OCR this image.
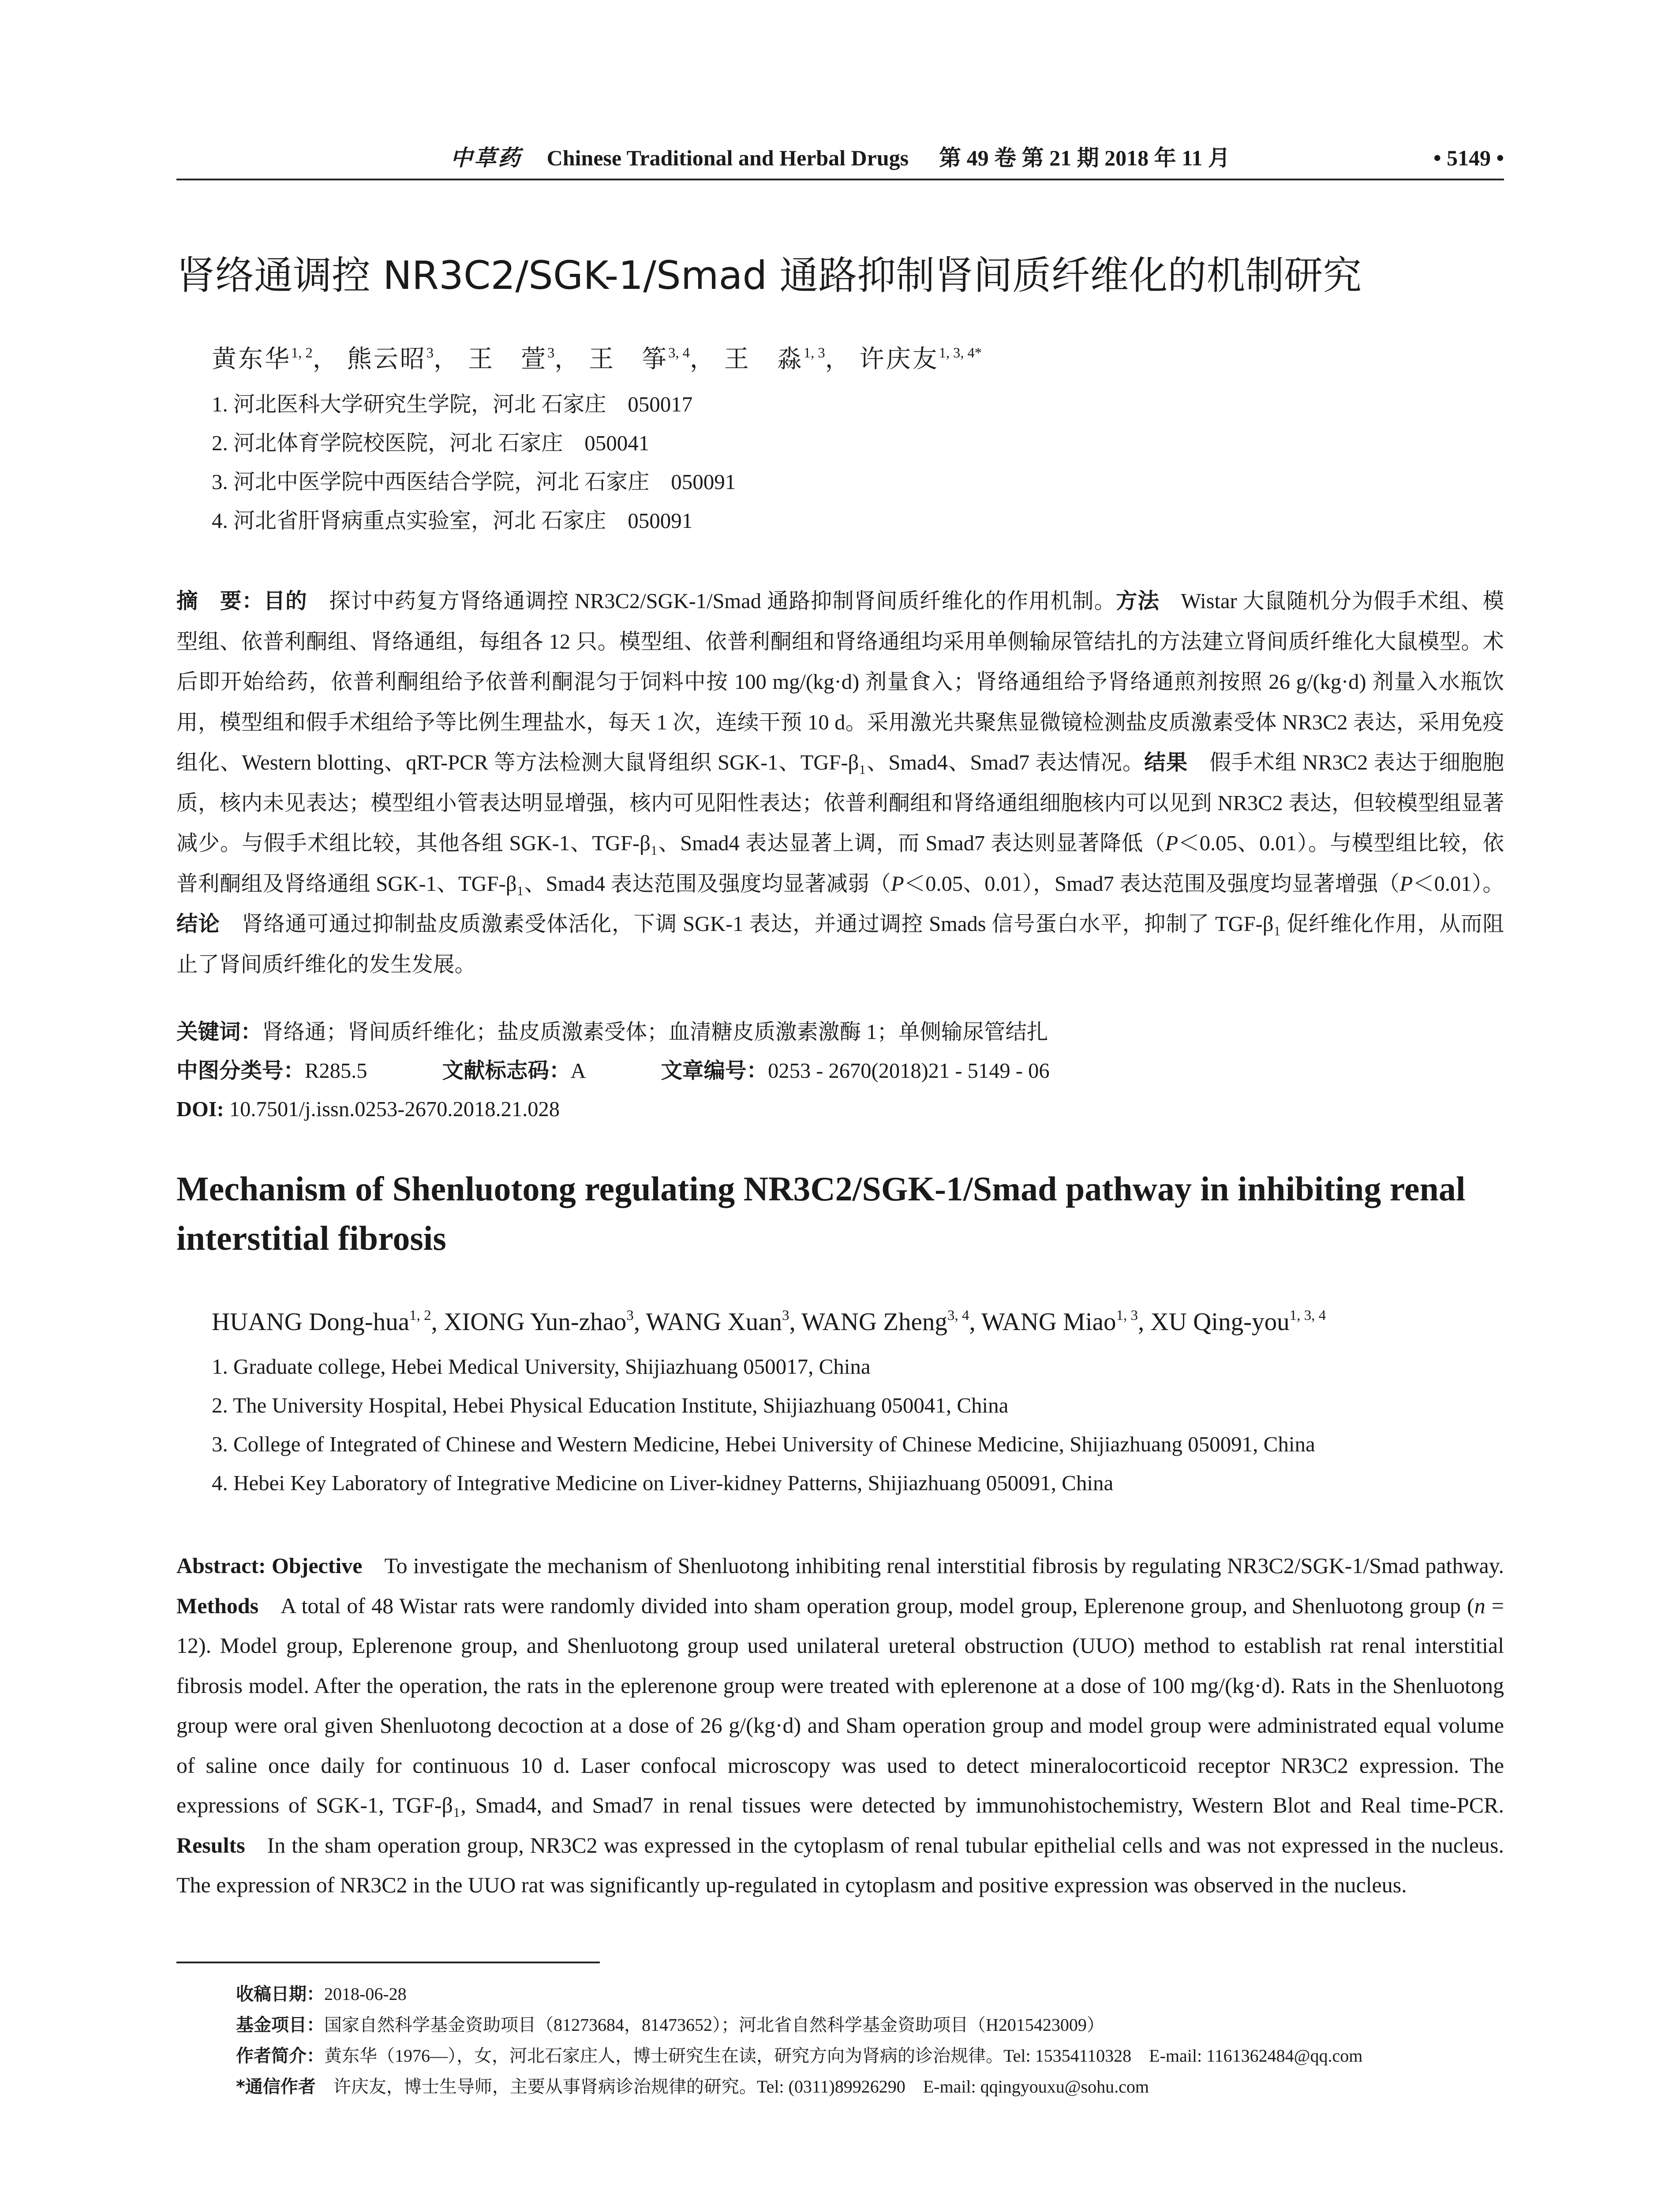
中草药 Chinese Traditional and Herbal Drugs 第 49 卷 第 21 期 2018 年 11 月	• 5149 •
肾络通调控 NR3C2/SGK-1/Smad 通路抑制肾间质纤维化的机制研究
黄东华$^{1, 2}$， 熊云昭$^3$， 王　萱$^3$， 王　筝$^{3, 4}$， 王　淼$^{1, 3}$， 许庆友$^{1, 3, 4*}$
1. 河北医科大学研究生学院，河北 石家庄　050017
2. 河北体育学院校医院，河北 石家庄　050041
3. 河北中医学院中西医结合学院，河北 石家庄　050091
4. 河北省肝肾病重点实验室，河北 石家庄　050091
摘　要：目的  探讨中药复方肾络通调控 NR3C2/SGK-1/Smad 通路抑制肾间质纤维化的作用机制。方法  Wistar 大鼠随机分为假手术组、模型组、依普利酮组、肾络通组，每组各 12 只。模型组、依普利酮组和肾络通组均采用单侧输尿管结扎的方法建立肾间质纤维化大鼠模型。术后即开始给药，依普利酮组给予依普利酮混匀于饲料中按 100 mg/(kg·d) 剂量食入；肾络通组给予肾络通煎剂按照 26 g/(kg·d) 剂量入水瓶饮用，模型组和假手术组给予等比例生理盐水，每天 1 次，连续干预 10 d。采用激光共聚焦显微镜检测盐皮质激素受体 NR3C2 表达，采用免疫组化、Western blotting、qRT-PCR 等方法检测大鼠肾组织 SGK-1、TGF-β₁、Smad4、Smad7 表达情况。结果  假手术组 NR3C2 表达于细胞胞质，核内未见表达；模型组小管表达明显增强，核内可见阳性表达；依普利酮组和肾络通组细胞核内可以见到 NR3C2 表达，但较模型组显著减少。与假手术组比较，其他各组 SGK-1、TGF-β₁、Smad4 表达显著上调，而 Smad7 表达则显著降低（P＜0.05、0.01）。与模型组比较，依普利酮组及肾络通组 SGK-1、TGF-β₁、Smad4 表达范围及强度均显著减弱（P＜0.05、0.01），Smad7 表达范围及强度均显著增强（P＜0.01）。结论  肾络通可通过抑制盐皮质激素受体活化，下调 SGK-1 表达，并通过调控 Smads 信号蛋白水平，抑制了 TGF-β₁ 促纤维化作用，从而阻止了肾间质纤维化的发生发展。
关键词：肾络通；肾间质纤维化；盐皮质激素受体；血清糖皮质激素激酶 1；单侧输尿管结扎
中图分类号：R285.5	文献标志码：A	文章编号：0253 - 2670(2018)21 - 5149 - 06
DOI: 10.7501/j.issn.0253-2670.2018.21.028
Mechanism of Shenluotong regulating NR3C2/SGK-1/Smad pathway in inhibiting renal interstitial fibrosis
HUANG Dong-hua$^{1, 2}$, XIONG Yun-zhao$^3$, WANG Xuan$^3$, WANG Zheng$^{3, 4}$, WANG Miao$^{1, 3}$, XU Qing-you$^{1, 3, 4}$
1. Graduate college, Hebei Medical University, Shijiazhuang 050017, China
2. The University Hospital, Hebei Physical Education Institute, Shijiazhuang 050041, China
3. College of Integrated of Chinese and Western Medicine, Hebei University of Chinese Medicine, Shijiazhuang 050091, China
4. Hebei Key Laboratory of Integrative Medicine on Liver-kidney Patterns, Shijiazhuang 050091, China
Abstract: Objective  To investigate the mechanism of Shenluotong inhibiting renal interstitial fibrosis by regulating NR3C2/SGK-1/Smad pathway. Methods  A total of 48 Wistar rats were randomly divided into sham operation group, model group, Eplerenone group, and Shenluotong group (n = 12). Model group, Eplerenone group, and Shenluotong group used unilateral ureteral obstruction (UUO) method to establish rat renal interstitial fibrosis model. After the operation, the rats in the eplerenone group were treated with eplerenone at a dose of 100 mg/(kg·d). Rats in the Shenluotong group were oral given Shenluotong decoction at a dose of 26 g/(kg·d) and Sham operation group and model group were administrated equal volume of saline once daily for continuous 10 d. Laser confocal microscopy was used to detect mineralocorticoid receptor NR3C2 expression. The expressions of SGK-1, TGF-β₁, Smad4, and Smad7 in renal tissues were detected by immunohistochemistry, Western Blot and Real time-PCR. Results  In the sham operation group, NR3C2 was expressed in the cytoplasm of renal tubular epithelial cells and was not expressed in the nucleus. The expression of NR3C2 in the UUO rat was significantly up-regulated in cytoplasm and positive expression was observed in the nucleus.
收稿日期：2018-06-28
基金项目：国家自然科学基金资助项目（81273684，81473652）；河北省自然科学基金资助项目（H2015423009）
作者简介：黄东华（1976—），女，河北石家庄人，博士研究生在读，研究方向为肾病的诊治规律。Tel: 15354110328　E-mail: 1161362484@qq.com
*通信作者  许庆友，博士生导师，主要从事肾病诊治规律的研究。Tel: (0311)89926290　E-mail: qqingyouxu@sohu.com
